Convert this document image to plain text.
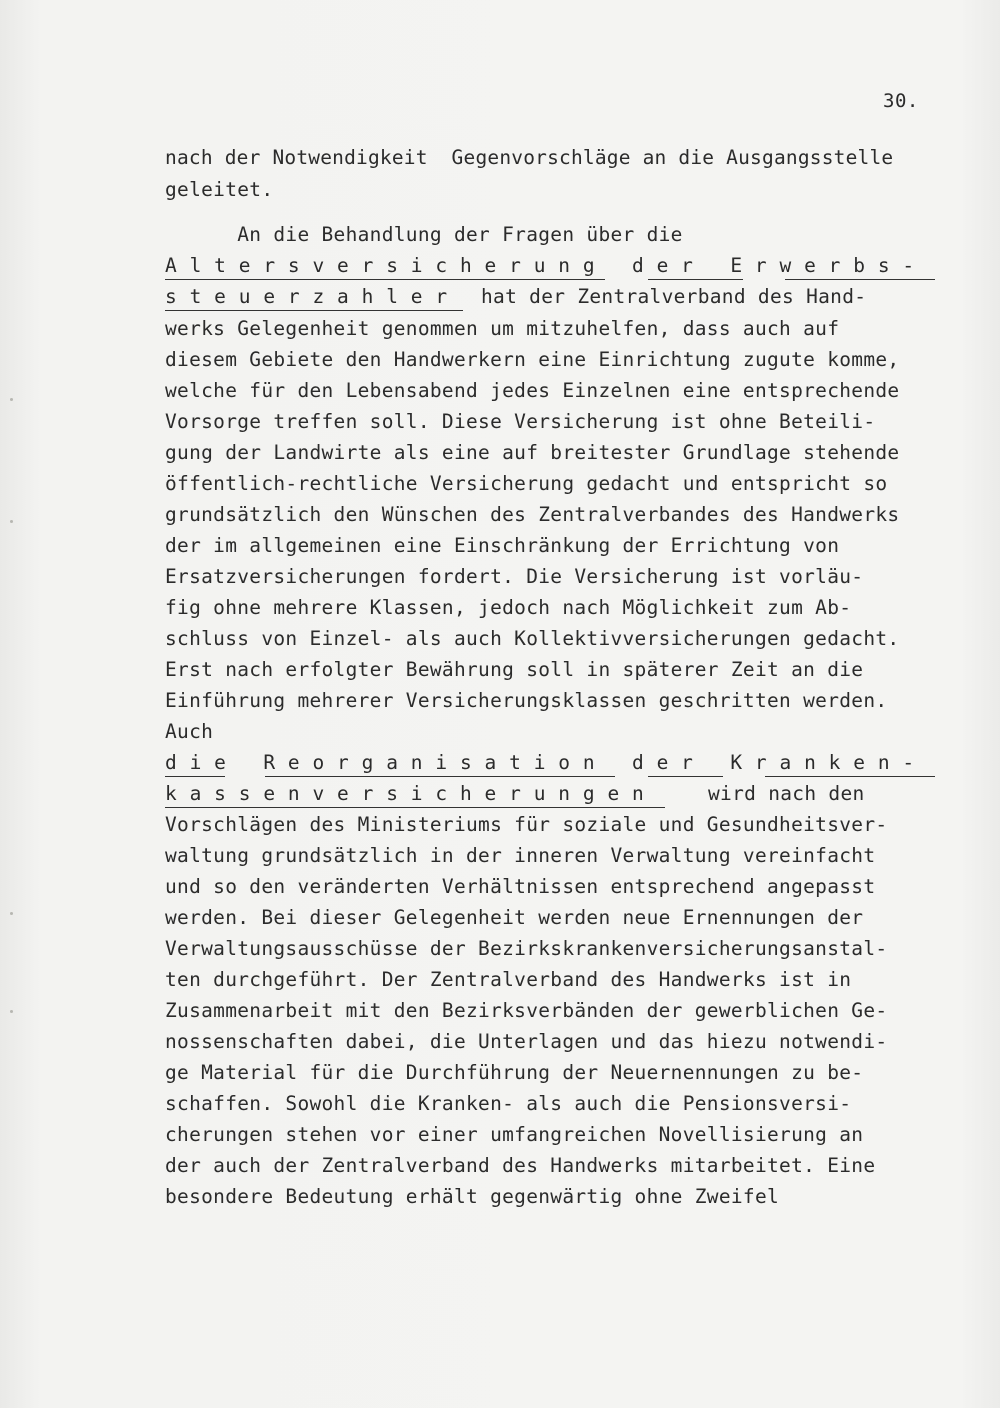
30.
nach der Notwendigkeit  Gegenvorschläge an die Ausgangsstelle
geleitet.
An die Behandlung der Fragen über die
A l t e r s v e r s i c h e r u n g   d e r   E r w e r b s -
s t e u e r z a h l e r hat der Zentralverband des Hand-
werks Gelegenheit genommen um mitzuhelfen, dass auch auf
diesem Gebiete den Handwerkern eine Einrichtung zugute komme,
welche für den Lebensabend jedes Einzelnen eine entsprechende
Vorsorge treffen soll. Diese Versicherung ist ohne Beteili-
gung der Landwirte als eine auf breitester Grundlage stehende
öffentlich-rechtliche Versicherung gedacht und entspricht so
grundsätzlich den Wünschen des Zentralverbandes des Handwerks
der im allgemeinen eine Einschränkung der Errichtung von
Ersatzversicherungen fordert. Die Versicherung ist vorläu-
fig ohne mehrere Klassen, jedoch nach Möglichkeit zum Ab-
schluss von Einzel- als auch Kollektivversicherungen gedacht.
Erst nach erfolgter Bewährung soll in späterer Zeit an die
Einführung mehrerer Versicherungsklassen geschritten werden.
Auch
d i e   R e o r g a n i s a t i o n   d e r   K r a n k e n -
k a s s e n v e r s i c h e r u n g e n	wird nach den
Vorschlägen des Ministeriums für soziale und Gesundheitsver-
waltung grundsätzlich in der inneren Verwaltung vereinfacht
und so den veränderten Verhältnissen entsprechend angepasst
werden. Bei dieser Gelegenheit werden neue Ernennungen der
Verwaltungsausschüsse der Bezirkskrankenversicherungsanstal-
ten durchgeführt. Der Zentralverband des Handwerks ist in
Zusammenarbeit mit den Bezirksverbänden der gewerblichen Ge-
nossenschaften dabei, die Unterlagen und das hiezu notwendi-
ge Material für die Durchführung der Neuernennungen zu be-
schaffen. Sowohl die Kranken- als auch die Pensionsversi-
cherungen stehen vor einer umfangreichen Novellisierung an
der auch der Zentralverband des Handwerks mitarbeitet. Eine
besondere Bedeutung erhält gegenwärtig ohne Zweifel
